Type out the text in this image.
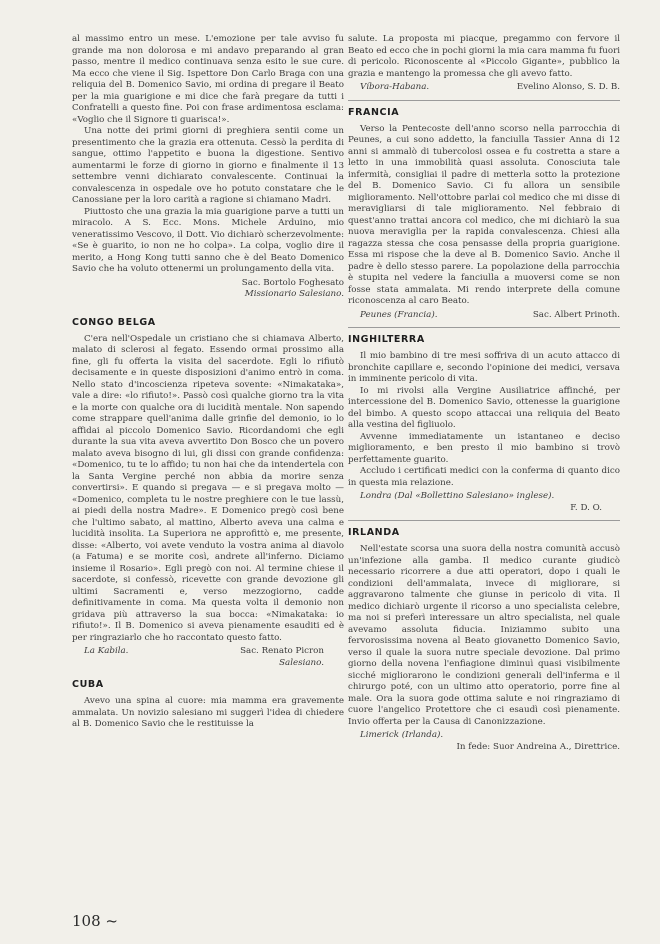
al massimo entro un mese. L'emozione per tale avviso fu grande ma non dolorosa e mi andavo preparando al gran passo, mentre il medico continuava senza esito le sue cure. Ma ecco che viene il Sig. Ispettore Don Carlo Braga con una reliquia del B. Domenico Savio, mi ordina di pregare il Beato per la mia guarigione e mi dice che farà pregare da tutti i Confratelli a questo fine. Poi con frase ardimentosa esclama: «Voglio che il Signore ti guarisca!».

Una notte dei primi giorni di preghiera sentii come un presentimento che la grazia era ottenuta. Cessò la perdita di sangue, ottimo l'appetito e buona la digestione. Sentivo aumentarmi le forze di giorno in giorno e finalmente il 13 settembre venni dichiarato convalescente. Continuai la convalescenza in ospedale ove ho potuto constatare che le Canossiane per la loro carità a ragione si chiamano Madri.

Piuttosto che una grazia la mia guarigione parve a tutti un miracolo. A S. Ecc. Mons. Michele Arduino, mio veneratissimo Vescovo, il Dott. Vio dichiarò scherzevolmente: «Se è guarito, io non ne ho colpa». La colpa, voglio dire il merito, a Hong Kong tutti sanno che è del Beato Domenico Savio che ha voluto ottenermi un prolungamento della vita.

Sac. Bortolo Foghesato
Missionario Salesiano.
CONGO BELGA

C'era nell'Ospedale un cristiano che si chiamava Alberto, malato di sclerosi al fegato. Essendo ormai prossimo alla fine, gli fu offerta la visita del sacerdote. Egli lo rifiutò decisamente e in queste disposizioni d'animo entrò in coma. Nello stato d'incoscienza ripeteva sovente: «Nimakataka», vale a dire: «lo rifiuto!». Passò così qualche giorno tra la vita e la morte con qualche ora di lucidità mentale. Non sapendo come strappare quell'anima dalle grinfie del demonio, io lo affidai al piccolo Domenico Savio. Ricordandomi che egli durante la sua vita aveva avvertito Don Bosco che un povero malato aveva bisogno di lui, gli dissi con grande confidenza: «Domenico, tu te lo affido; tu non hai che da intendertela con la Santa Vergine perché non abbia da morire senza convertirsi». E quando si pregava — e si pregava molto — «Domenico, completa tu le nostre preghiere con le tue lassù, ai piedi della nostra Madre». E Domenico pregò così bene che l'ultimo sabato, al mattino, Alberto aveva una calma e lucidità insolita. La Superiora ne approfittò e, me presente, disse: «Alberto, voi avete venduto la vostra anima al diavolo (a Fatuma) e se morite così, andrete all'inferno. Diciamo insieme il Rosario». Egli pregò con noi. Al termine chiese il sacerdote, si confessò, ricevette con grande devozione gli ultimi Sacramenti e, verso mezzogiorno, cadde definitivamente in coma. Ma questa volta il demonio non gridava più attraverso la sua bocca: «Nimakataka: io rifiuto!». Il B. Domenico si aveva pienamente esauditi ed è per ringraziarlo che ho raccontato questo fatto.

La Kabila.	Sac. Renato Picron
Salesiano.
CUBA

Avevo una spina al cuore: mia mamma era gravemente ammalata. Un novizio salesiano mi suggerì l'idea di chiedere al B. Domenico Savio che le restituisse la

salute. La proposta mi piacque, pregammo con fervore il Beato ed ecco che in pochi giorni la mia cara mamma fu fuori di pericolo. Riconoscente al «Piccolo Gigante», pubblico la grazia e mantengo la promessa che gli avevo fatto.

Víbora-Habana.	Evelino Alonso, S. D. B.
FRANCIA

Verso la Pentecoste dell'anno scorso nella parrocchia di Peunes, a cui sono addetto, la fanciulla Tassier Anna di 12 anni si ammalò di tubercolosi ossea e fu costretta a stare a letto in una immobilità quasi assoluta. Conosciuta tale infermità, consigliai il padre di metterla sotto la protezione del B. Domenico Savio. Ci fu allora un sensibile miglioramento. Nell'ottobre parlai col medico che mi disse di meravigliarsi di tale miglioramento. Nel febbraio di quest'anno trattai ancora col medico, che mi dichiarò la sua nuova meraviglia per la rapida convalescenza. Chiesi alla ragazza stessa che cosa pensasse della propria guarigione. Essa mi rispose che la deve al B. Domenico Savio. Anche il padre è dello stesso parere. La popolazione della parrocchia è stupita nel vedere la fanciulla a muoversi come se non fosse stata ammalata. Mi rendo interprete della comune riconoscenza al caro Beato.

Peunes (Francia).	Sac. Albert Prinoth.
INGHILTERRA

Il mio bambino di tre mesi soffriva di un acuto attacco di bronchite capillare e, secondo l'opinione dei medici, versava in imminente pericolo di vita.

Io mi rivolsi alla Vergine Ausiliatrice affinché, per intercessione del B. Domenico Savio, ottenesse la guarigione del bimbo. A questo scopo attaccai una reliquia del Beato alla vestina del figliuolo.

Avvenne immediatamente un istantaneo e deciso miglioramento, e ben presto il mio bambino si trovò perfettamente guarito.

Accludo i certificati medici con la conferma di quanto dico in questa mia relazione.

Londra (Dal «Bollettino Salesiano» inglese).
F. D. O.
IRLANDA

Nell'estate scorsa una suora della nostra comunità accusò un'infezione alla gamba. Il medico curante giudicò necessario ricorrere a due atti operatori, dopo i quali le condizioni dell'ammalata, invece di migliorare, si aggravarono talmente che giunse in pericolo di vita. Il medico dichiarò urgente il ricorso a uno specialista celebre, ma noi si preferì interessare un altro specialista, nel quale avevamo assoluta fiducia. Iniziammo subito una fervorosissima novena al Beato giovanetto Domenico Savio, verso il quale la suora nutre speciale devozione. Dal primo giorno della novena l'enfiagione diminuì quasi visibilmente sicché migliorarono le condizioni generali dell'inferma e il chirurgo poté, con un ultimo atto operatorio, porre fine al male. Ora la suora gode ottima salute e noi ringraziamo di cuore l'angelico Protettore che ci esaudì così pienamente. Invio offerta per la Causa di Canonizzazione.

Limerick (Irlanda).
In fede: Suor Andreina A., Direttrice.
108 ~
